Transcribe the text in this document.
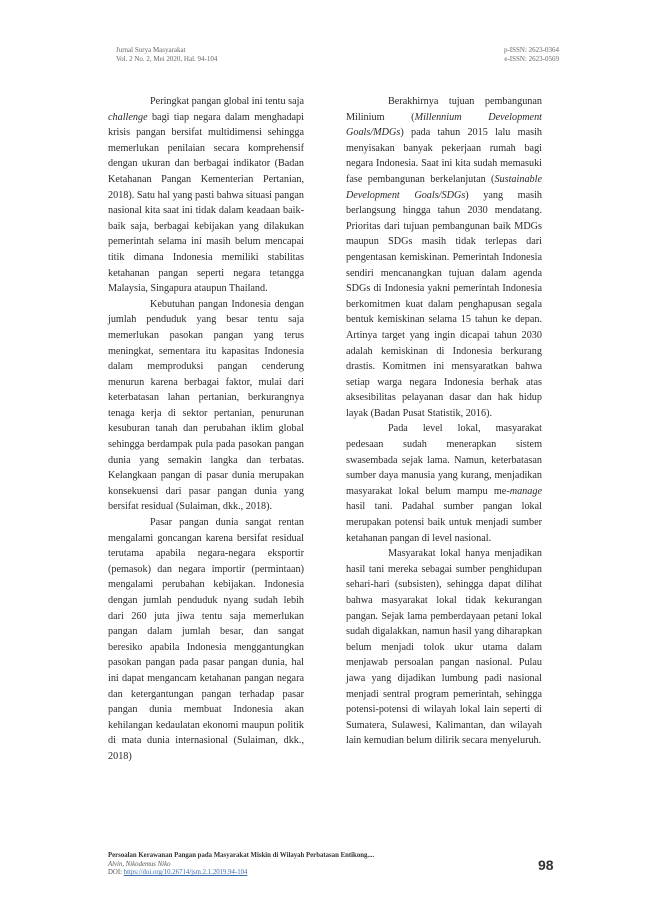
Jurnal Surya Masyarakat
Vol. 2 No. 2, Mei 2020, Hal. 94-104
p-ISSN: 2623-0364
e-ISSN: 2623-0569

Peringkat pangan global ini tentu saja challenge bagi tiap negara dalam menghadapi krisis pangan bersifat multidimensi sehingga memerlukan penilaian secara komprehensif dengan ukuran dan berbagai indikator (Badan Ketahanan Pangan Kementerian Pertanian, 2018). Satu hal yang pasti bahwa situasi pangan nasional kita saat ini tidak dalam keadaan baik-baik saja, berbagai kebijakan yang dilakukan pemerintah selama ini masih belum mencapai titik dimana Indonesia memiliki stabilitas ketahanan pangan seperti negara tetangga Malaysia, Singapura ataupun Thailand.

Kebutuhan pangan Indonesia dengan jumlah penduduk yang besar tentu saja memerlukan pasokan pangan yang terus meningkat, sementara itu kapasitas Indonesia dalam memproduksi pangan cenderung menurun karena berbagai faktor, mulai dari keterbatasan lahan pertanian, berkurangnya tenaga kerja di sektor pertanian, penurunan kesuburan tanah dan perubahan iklim global sehingga berdampak pula pada pasokan pangan dunia yang semakin langka dan terbatas. Kelangkaan pangan di pasar dunia merupakan konsekuensi dari pasar pangan dunia yang bersifat residual (Sulaiman, dkk., 2018).

Pasar pangan dunia sangat rentan mengalami goncangan karena bersifat residual terutama apabila negara-negara eksportir (pemasok) dan negara importir (permintaan) mengalami perubahan kebijakan. Indonesia dengan jumlah penduduk nyang sudah lebih dari 260 juta jiwa tentu saja memerlukan pangan dalam jumlah besar, dan sangat beresiko apabila Indonesia menggantungkan pasokan pangan pada pasar pangan dunia, hal ini dapat mengancam ketahanan pangan negara dan ketergantungan pangan terhadap pasar pangan dunia membuat Indonesia akan kehilangan kedaulatan ekonomi maupun politik di mata dunia internasional (Sulaiman, dkk., 2018)

Berakhirnya tujuan pembangunan Milinium (Millennium Development Goals/MDGs) pada tahun 2015 lalu masih menyisakan banyak pekerjaan rumah bagi negara Indonesia. Saat ini kita sudah memasuki fase pembangunan berkelanjutan (Sustainable Development Goals/SDGs) yang masih berlangsung hingga tahun 2030 mendatang. Prioritas dari tujuan pembangunan baik MDGs maupun SDGs masih tidak terlepas dari pengentasan kemiskinan. Pemerintah Indonesia sendiri mencanangkan tujuan dalam agenda SDGs di Indonesia yakni pemerintah Indonesia berkomitmen kuat dalam penghapusan segala bentuk kemiskinan selama 15 tahun ke depan. Artinya target yang ingin dicapai tahun 2030 adalah kemiskinan di Indonesia berkurang drastis. Komitmen ini mensyaratkan bahwa setiap warga negara Indonesia berhak atas aksesibilitas pelayanan dasar dan hak hidup layak (Badan Pusat Statistik, 2016).

Pada level lokal, masyarakat pedesaan sudah menerapkan sistem swasembada sejak lama. Namun, keterbatasan sumber daya manusia yang kurang, menjadikan masyarakat lokal belum mampu me-manage hasil tani. Padahal sumber pangan lokal merupakan potensi baik untuk menjadi sumber ketahanan pangan di level nasional.

Masyarakat lokal hanya menjadikan hasil tani mereka sebagai sumber penghidupan sehari-hari (subsisten), sehingga dapat dilihat bahwa masyarakat lokal tidak kekurangan pangan. Sejak lama pemberdayaan petani lokal sudah digalakkan, namun hasil yang diharapkan belum menjadi tolok ukur utama dalam menjawab persoalan pangan nasional. Pulau jawa yang dijadikan lumbung padi nasional menjadi sentral program pemerintah, sehingga potensi-potensi di wilayah lokal lain seperti di Sumatera, Sulawesi, Kalimantan, dan wilayah lain kemudian belum dilirik secara menyeluruh.

Persoalan Kerawanan Pangan pada Masyarakat Miskin di Wilayah Perbatasan Entikong....
Alvin, Nikodemus Niko
DOI: https://doi.org/10.26714/jsm.2.1.2019.94-104	98
